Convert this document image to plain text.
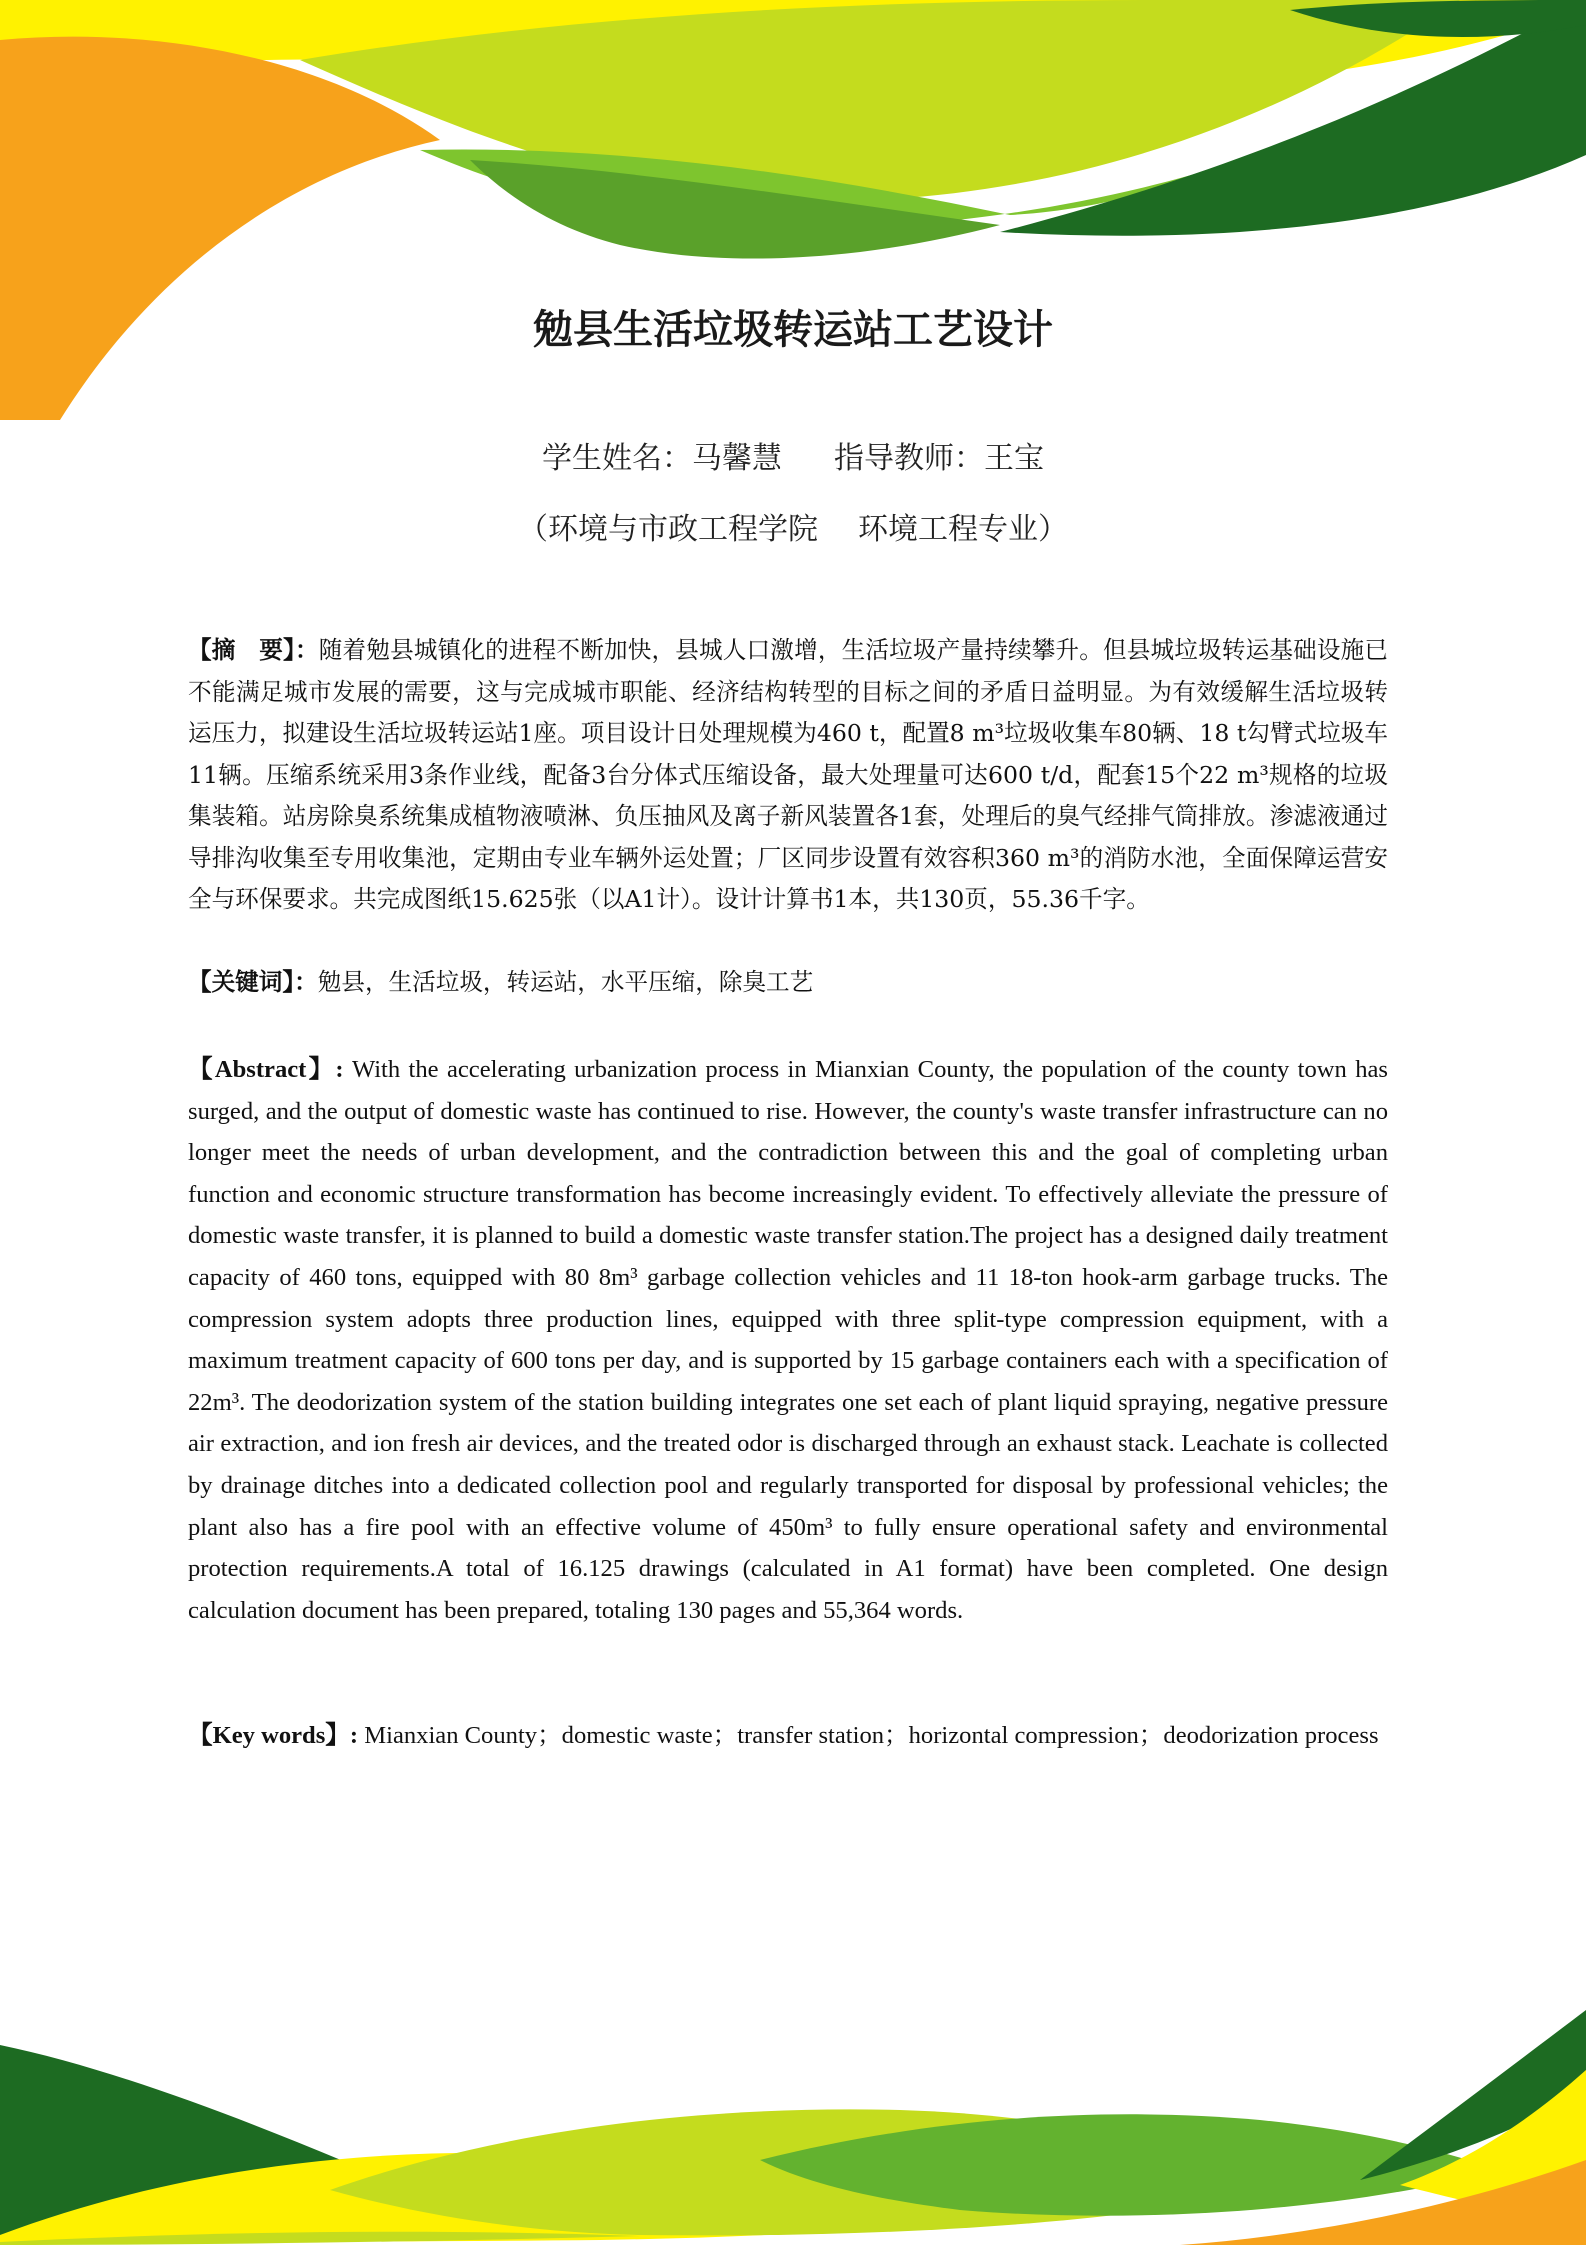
勉县生活垃圾转运站工艺设计
学生姓名：马馨慧 指导教师：王宝
（环境与市政工程学院 环境工程专业）

【摘　要】：随着勉县城镇化的进程不断加快，县城人口激增，生活垃圾产量持续攀升。但县城垃圾转运基础设施已不能满足城市发展的需要，这与完成城市职能、经济结构转型的目标之间的矛盾日益明显。为有效缓解生活垃圾转运压力，拟建设生活垃圾转运站1座。项目设计日处理规模为460 t，配置8 m³垃圾收集车80辆、18 t勾臂式垃圾车11辆。压缩系统采用3条作业线，配备3台分体式压缩设备，最大处理量可达600 t/d，配套15个22 m³规格的垃圾集装箱。站房除臭系统集成植物液喷淋、负压抽风及离子新风装置各1套，处理后的臭气经排气筒排放。渗滤液通过导排沟收集至专用收集池，定期由专业车辆外运处置；厂区同步设置有效容积360 m³的消防水池，全面保障运营安全与环保要求。共完成图纸15.625张（以A1计）。设计计算书1本，共130页，55.36千字。

【关键词】：勉县，生活垃圾，转运站，水平压缩，除臭工艺

【Abstract】: With the accelerating urbanization process in Mianxian County, the population of the county town has surged, and the output of domestic waste has continued to rise. However, the county's waste transfer infrastructure can no longer meet the needs of urban development, and the contradiction between this and the goal of completing urban function and economic structure transformation has become increasingly evident. To effectively alleviate the pressure of domestic waste transfer, it is planned to build a domestic waste transfer station.The project has a designed daily treatment capacity of 460 tons, equipped with 80 8m³ garbage collection vehicles and 11 18-ton hook-arm garbage trucks. The compression system adopts three production lines, equipped with three split-type compression equipment, with a maximum treatment capacity of 600 tons per day, and is supported by 15 garbage containers each with a specification of 22m³. The deodorization system of the station building integrates one set each of plant liquid spraying, negative pressure air extraction, and ion fresh air devices, and the treated odor is discharged through an exhaust stack. Leachate is collected by drainage ditches into a dedicated collection pool and regularly transported for disposal by professional vehicles; the plant also has a fire pool with an effective volume of 450m³ to fully ensure operational safety and environmental protection requirements.A total of 16.125 drawings (calculated in A1 format) have been completed. One design calculation document has been prepared, totaling 130 pages and 55,364 words.

【Key words】: Mianxian County；domestic waste；transfer station；horizontal compression；deodorization process
